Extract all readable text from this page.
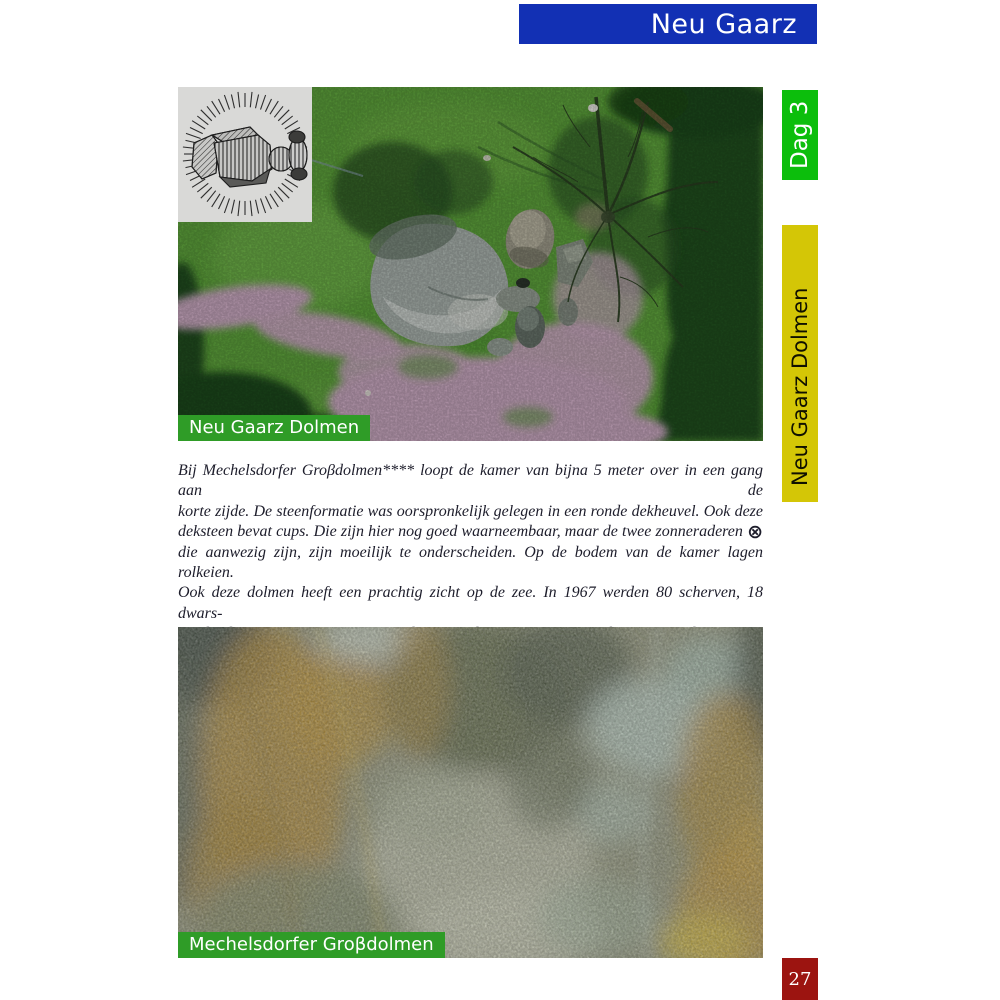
Neu Gaarz
Dag 3
Neu Gaarz Dolmen
Neu Gaarz Dolmen
Bij Mechelsdorfer Groβdolmen**** loopt de kamer van bijna 5 meter over in een gang aan de
korte zijde. De steenformatie was oorspronkelijk gelegen in een ronde dekheuvel. Ook deze
deksteen bevat cups. Die zijn hier nog goed waarneembaar, maar de twee zonneraderen ⊗
die aanwezig zijn, zijn moeilijk te onderscheiden. Op de bodem van de kamer lagen rolkeien.
Ook deze dolmen heeft een prachtig zicht op de zee. In 1967 werden 80 scherven, 18 dwars-
Mechelsdorfer Groβdolmen
27
